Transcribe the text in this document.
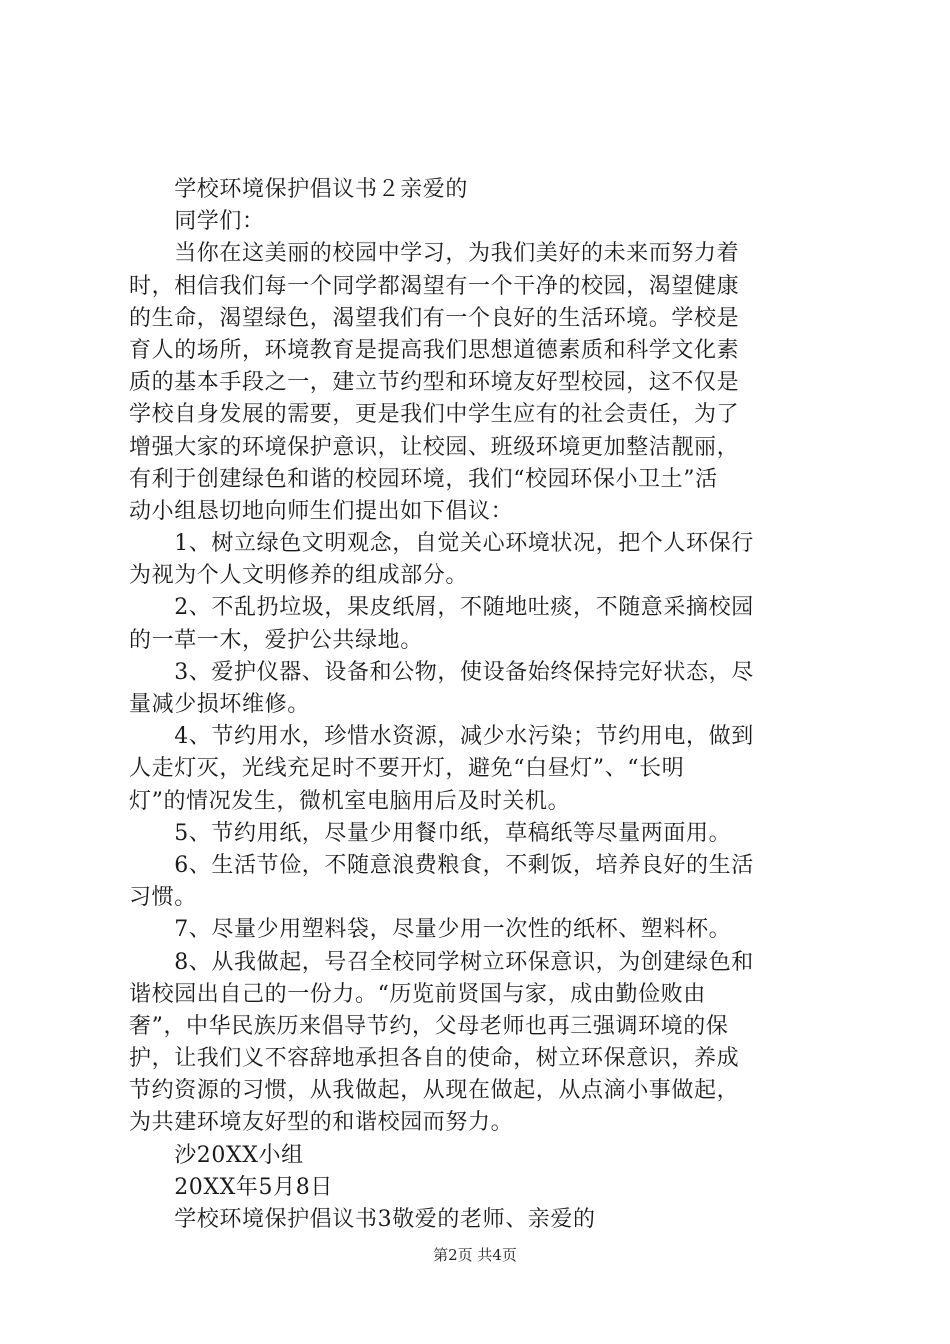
　　学校环境保护倡议书２亲爱的
　　同学们：
　　当你在这美丽的校园中学习，为我们美好的未来而努力着
时，相信我们每一个同学都渴望有一个干净的校园，渴望健康
的生命，渴望绿色，渴望我们有一个良好的生活环境。学校是
育人的场所，环境教育是提高我们思想道德素质和科学文化素
质的基本手段之一，建立节约型和环境友好型校园，这不仅是
学校自身发展的需要，更是我们中学生应有的社会责任，为了
增强大家的环境保护意识，让校园、班级环境更加整洁靓丽，
有利于创建绿色和谐的校园环境，我们“校园环保小卫土”活
动小组恳切地向师生们提出如下倡议：
　　1、树立绿色文明观念，自觉关心环境状况，把个人环保行
为视为个人文明修养的组成部分。
　　2、不乱扔垃圾，果皮纸屑，不随地吐痰，不随意采摘校园
的一草一木，爱护公共绿地。
　　3、爱护仪器、设备和公物，使设备始终保持完好状态，尽
量减少损坏维修。
　　4、节约用水，珍惜水资源，减少水污染；节约用电，做到
人走灯灭，光线充足时不要开灯，避免“白昼灯”、“长明
灯”的情况发生，微机室电脑用后及时关机。
　　5、节约用纸，尽量少用餐巾纸，草稿纸等尽量两面用。
　　6、生活节俭，不随意浪费粮食，不剩饭，培养良好的生活
习惯。
　　7、尽量少用塑料袋，尽量少用一次性的纸杯、塑料杯。
　　8、从我做起，号召全校同学树立环保意识，为创建绿色和
谐校园出自己的一份力。“历览前贤国与家，成由勤俭败由
奢”，中华民族历来倡导节约，父母老师也再三强调环境的保
护，让我们义不容辞地承担各自的使命，树立环保意识，养成
节约资源的习惯，从我做起，从现在做起，从点滴小事做起，
为共建环境友好型的和谐校园而努力。
　　沙20XX小组
　　20XX年5月8日
　　学校环境保护倡议书3敬爱的老师、亲爱的
第2页 共4页
